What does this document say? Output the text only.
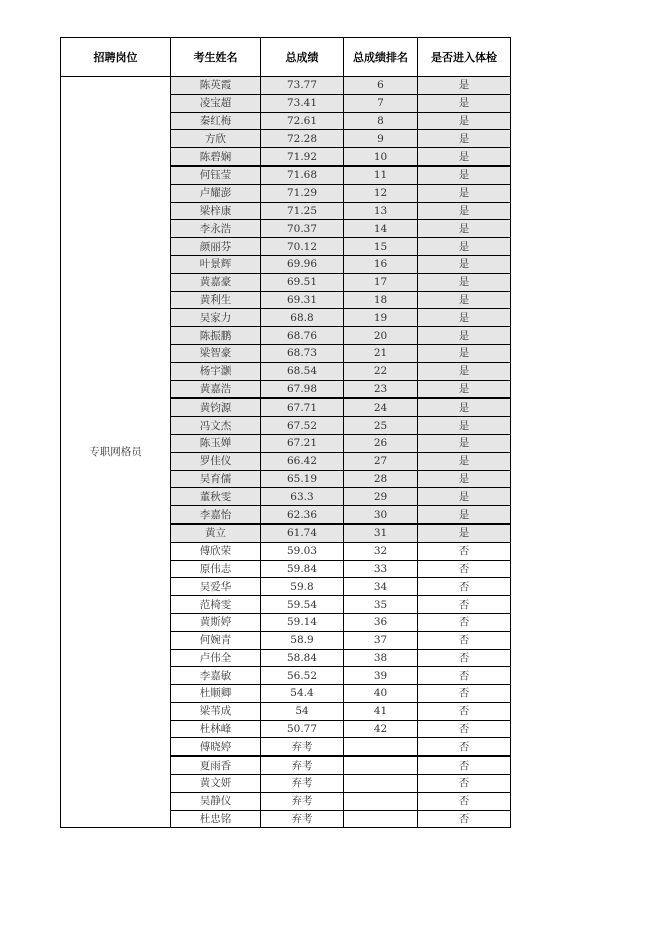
招聘岗位	考生姓名	总成绩	总成绩排名	是否进入体检
专职网格员	陈英霞	73.77	6	是
	凌宝超	73.41	7	是
	秦红梅	72.61	8	是
	方欣	72.28	9	是
	陈碧娴	71.92	10	是
	何钰莹	71.68	11	是
	卢耀澎	71.29	12	是
	梁梓康	71.25	13	是
	李永浩	70.37	14	是
	颜丽芬	70.12	15	是
	叶景辉	69.96	16	是
	黄嘉豪	69.51	17	是
	黄利生	69.31	18	是
	吴家力	68.8	19	是
	陈振鹏	68.76	20	是
	梁智豪	68.73	21	是
	杨宇灏	68.54	22	是
	黄嘉浩	67.98	23	是
	黄钧源	67.71	24	是
	冯文杰	67.52	25	是
	陈玉婵	67.21	26	是
	罗佳仪	66.42	27	是
	吴育儒	65.19	28	是
	董秋雯	63.3	29	是
	李嘉怡	62.36	30	是
	黄立	61.74	31	是
	傅欣荣	59.03	32	否
	原伟志	59.84	33	否
	吴爱华	59.8	34	否
	范椅雯	59.54	35	否
	黄斯婷	59.14	36	否
	何婉青	58.9	37	否
	卢伟全	58.84	38	否
	李嘉敏	56.52	39	否
	杜顺卿	54.4	40	否
	梁苇成	54	41	否
	杜林峰	50.77	42	否
	傅晓婷	弃考		否
	夏雨香	弃考		否
	黄文妍	弃考		否
	吴静仪	弃考		否
	杜忠铭	弃考		否
